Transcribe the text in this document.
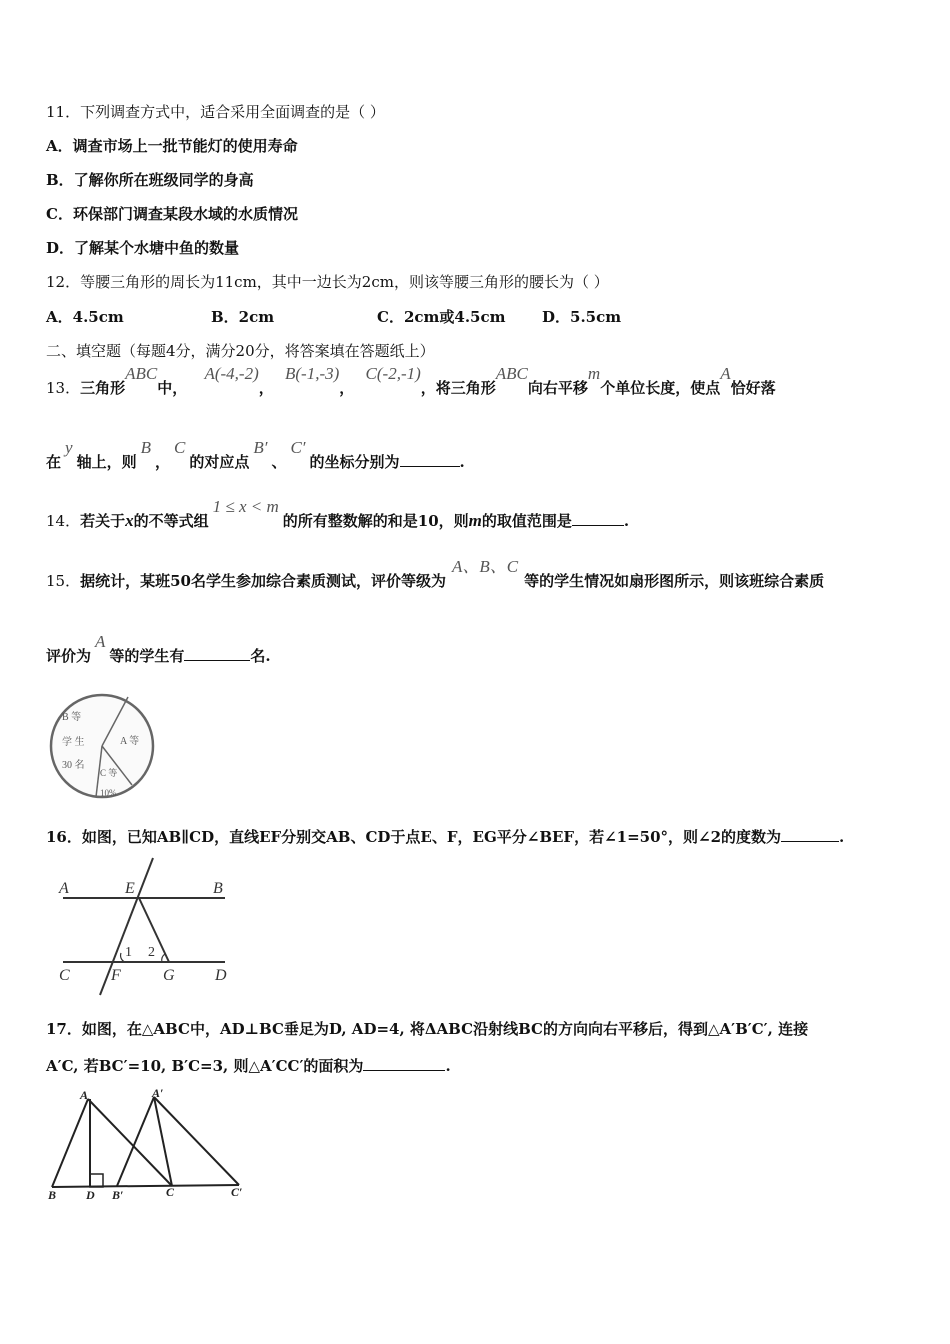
11．下列调查方式中，适合采用全面调查的是（ ）
A．调查市场上一批节能灯的使用寿命
B．了解你所在班级同学的身高
C．环保部门调查某段水域的水质情况
D．了解某个水塘中鱼的数量
12．等腰三角形的周长为11cm，其中一边长为2cm，则该等腰三角形的腰长为（ ）
A．4.5cm	B．2cm	C．2cm或4.5cm D．5.5cm
二、填空题（每题4分，满分20分，将答案填在答题纸上）
13．三角形ABC中， A(-4,-2)， B(-1,-3)， C(-2,-1)，将三角形ABC向右平移m个单位长度，使点A恰好落
在y轴上，则B，C的对应点B′、C′的坐标分别为	.
14．若关于x的不等式组1 ≤ x < m的所有整数解的和是10，则m的取值范围是	.
15．据统计，某班50名学生参加综合素质测试，评价等级为A、B、C等的学生情况如扇形图所示，则该班综合素质
评价为A等的学生有	名.
B 等
学 生
30 名
A 等
C 等
10%
16．如图，已知AB∥CD，直线EF分别交AB、CD于点E、F，EG平分∠BEF，若∠1=50°，则∠2的度数为	.
A	E	B
C	F	G	D
1 2
17．如图，在△ABC中，AD⊥BC垂足为D, AD=4, 将ΔABC沿射线BC的方向向右平移后，得到△A′B′C′, 连接
A′C, 若BC′=10, B′C=3, 则△A′CC′的面积为	.
A	A′
B D B′	C	C′
